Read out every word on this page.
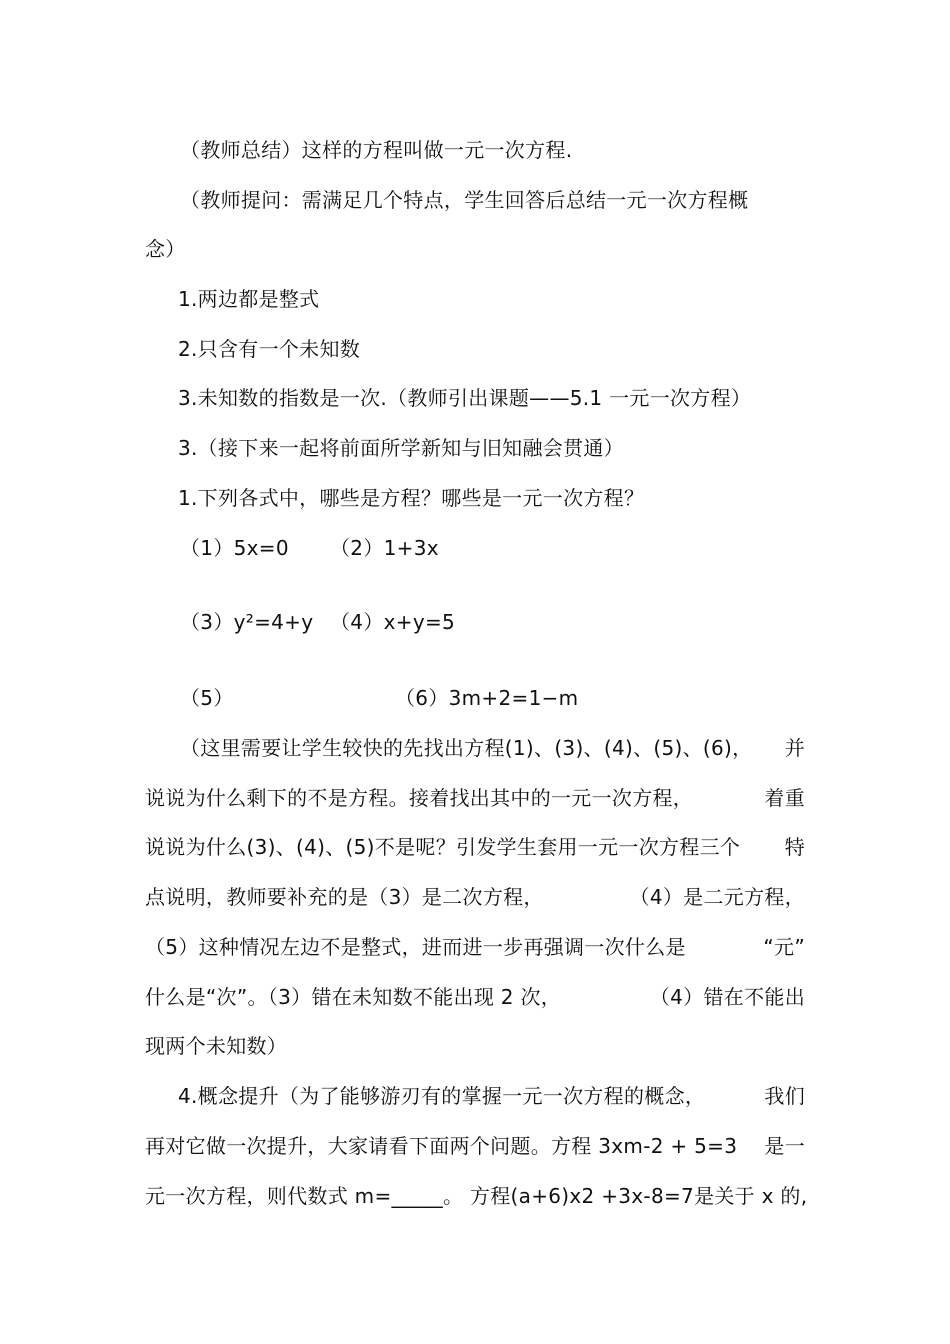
（教师总结）这样的方程叫做一元一次方程.
（教师提问：需满足几个特点，学生回答后总结一元一次方程概
念）
1.两边都是整式
2.只含有一个未知数
3.未知数的指数是一次.（教师引出课题——5.1 一元一次方程）
3.（接下来一起将前面所学新知与旧知融会贯通）
1.下列各式中，哪些是方程？哪些是一元一次方程？
（1）5x=0 （2）1+3x
（3）y²=4+y （4）x+y=5
（5）	（6）3m+2=1−m
（这里需要让学生较快的先找出方程(1)、(3)、(4)、(5)、(6)， 并
说说为什么剩下的不是方程。接着找出其中的一元一次方程，	着重
说说为什么(3)、(4)、(5)不是呢？引发学生套用一元一次方程三个 特
点说明，教师要补充的是（3）是二次方程，	（4）是二元方程，
（5）这种情况左边不是整式，进而进一步再强调一次什么是	“元”
什么是“次”。（3）错在未知数不能出现 2 次，	（4）错在不能出
现两个未知数）
4.概念提升（为了能够游刃有的掌握一元一次方程的概念，	我们
再对它做一次提升，大家请看下面两个问题。方程 3xm-2 + 5=3 是一
元一次方程，则代数式 m=_____。 方程(a+6)x2 +3x-8=7 是关于 x 的,
